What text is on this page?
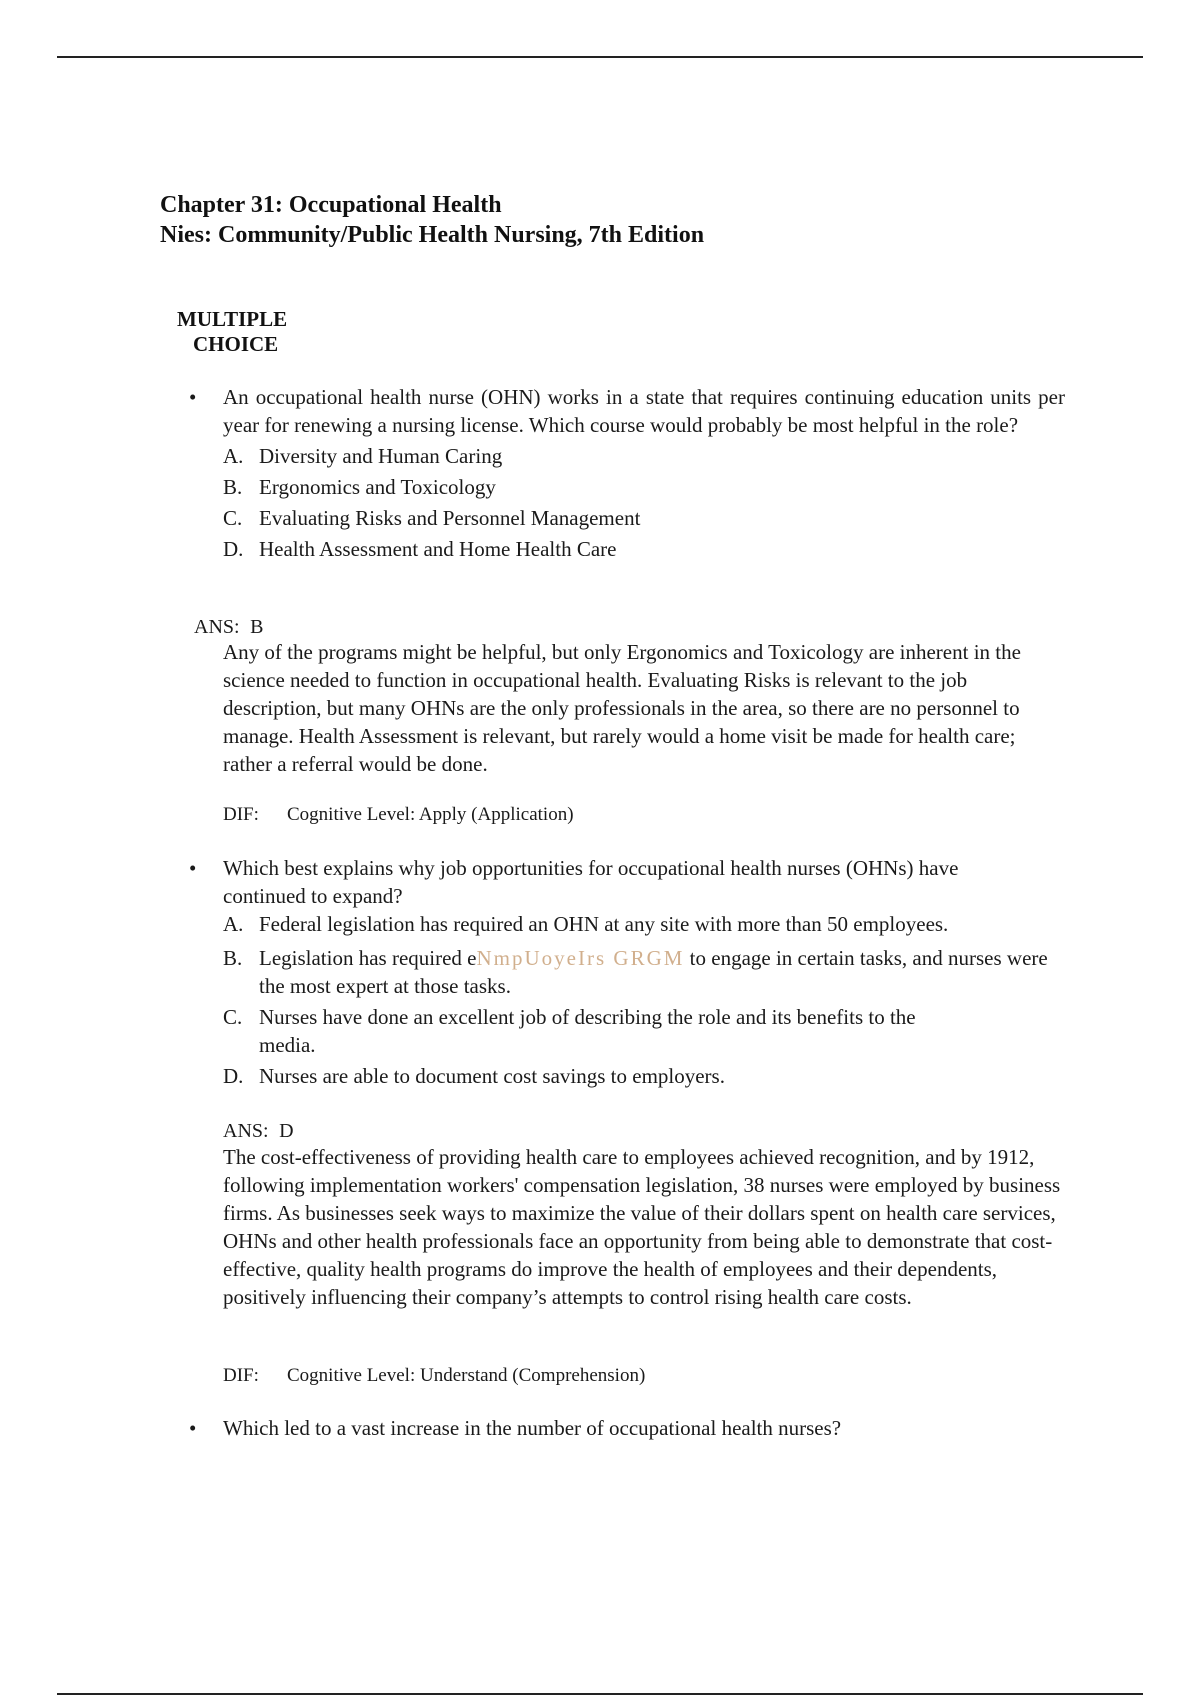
Chapter 31: Occupational Health
Nies: Community/Public Health Nursing, 7th Edition
MULTIPLE
CHOICE
• An occupational health nurse (OHN) works in a state that requires continuing education units per year for renewing a nursing license. Which course would probably be most helpful in the role?
A. Diversity and Human Caring
B. Ergonomics and Toxicology
C. Evaluating Risks and Personnel Management
D. Health Assessment and Home Health Care
ANS: B
Any of the programs might be helpful, but only Ergonomics and Toxicology are inherent in the science needed to function in occupational health. Evaluating Risks is relevant to the job description, but many OHNs are the only professionals in the area, so there are no personnel to manage. Health Assessment is relevant, but rarely would a home visit be made for health care; rather a referral would be done.
DIF:	Cognitive Level: Apply (Application)
• Which best explains why job opportunities for occupational health nurses (OHNs) have continued to expand?
A. Federal legislation has required an OHN at any site with more than 50 employees.
B. Legislation has required eNmpUoyeIrs GRGM to engage in certain tasks, and nurses were the most expert at those tasks.
C. Nurses have done an excellent job of describing the role and its benefits to the media.
D. Nurses are able to document cost savings to employers.
ANS: D
The cost-effectiveness of providing health care to employees achieved recognition, and by 1912, following implementation workers' compensation legislation, 38 nurses were employed by business firms. As businesses seek ways to maximize the value of their dollars spent on health care services, OHNs and other health professionals face an opportunity from being able to demonstrate that cost-effective, quality health programs do improve the health of employees and their dependents, positively influencing their company’s attempts to control rising health care costs.
DIF:	Cognitive Level: Understand (Comprehension)
• Which led to a vast increase in the number of occupational health nurses?
